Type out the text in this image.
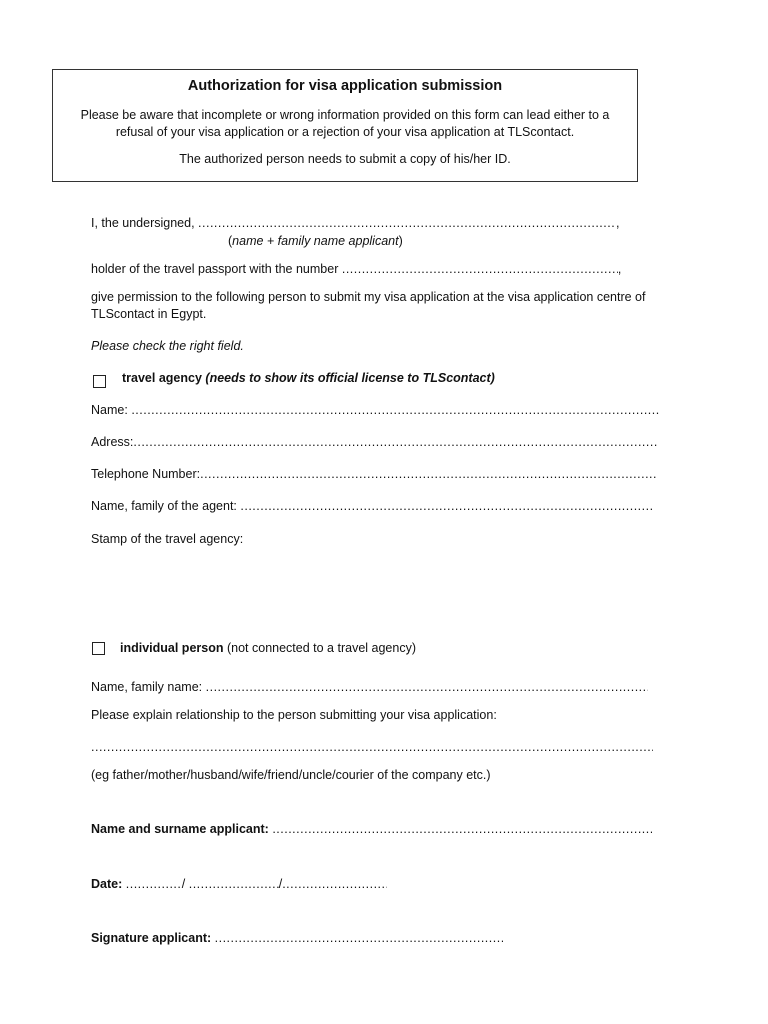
Authorization for visa application submission
Please be aware that incomplete or wrong information provided on this form can lead either to a refusal of your visa application or a rejection of your visa application at TLScontact.
The authorized person needs to submit a copy of his/her ID.
I, the undersigned, .....	,
(name + family name applicant)
holder of the travel passport with the number .....	,
give permission to the following person to submit my visa application at the visa application centre of TLScontact in Egypt.
Please check the right field.
travel agency (needs to show its official license to TLScontact)
Name: .....
Adress:.....
Telephone Number:.....
Name, family of the agent: .....
Stamp of the travel agency:
individual person (not connected to a travel agency)
Name, family name: .....
Please explain relationship to the person submitting your visa application:
.....
(eg father/mother/husband/wife/friend/uncle/courier of the company etc.)
Name and surname applicant: .....
Date: .....	/ .....	/.....
Signature applicant: .....
